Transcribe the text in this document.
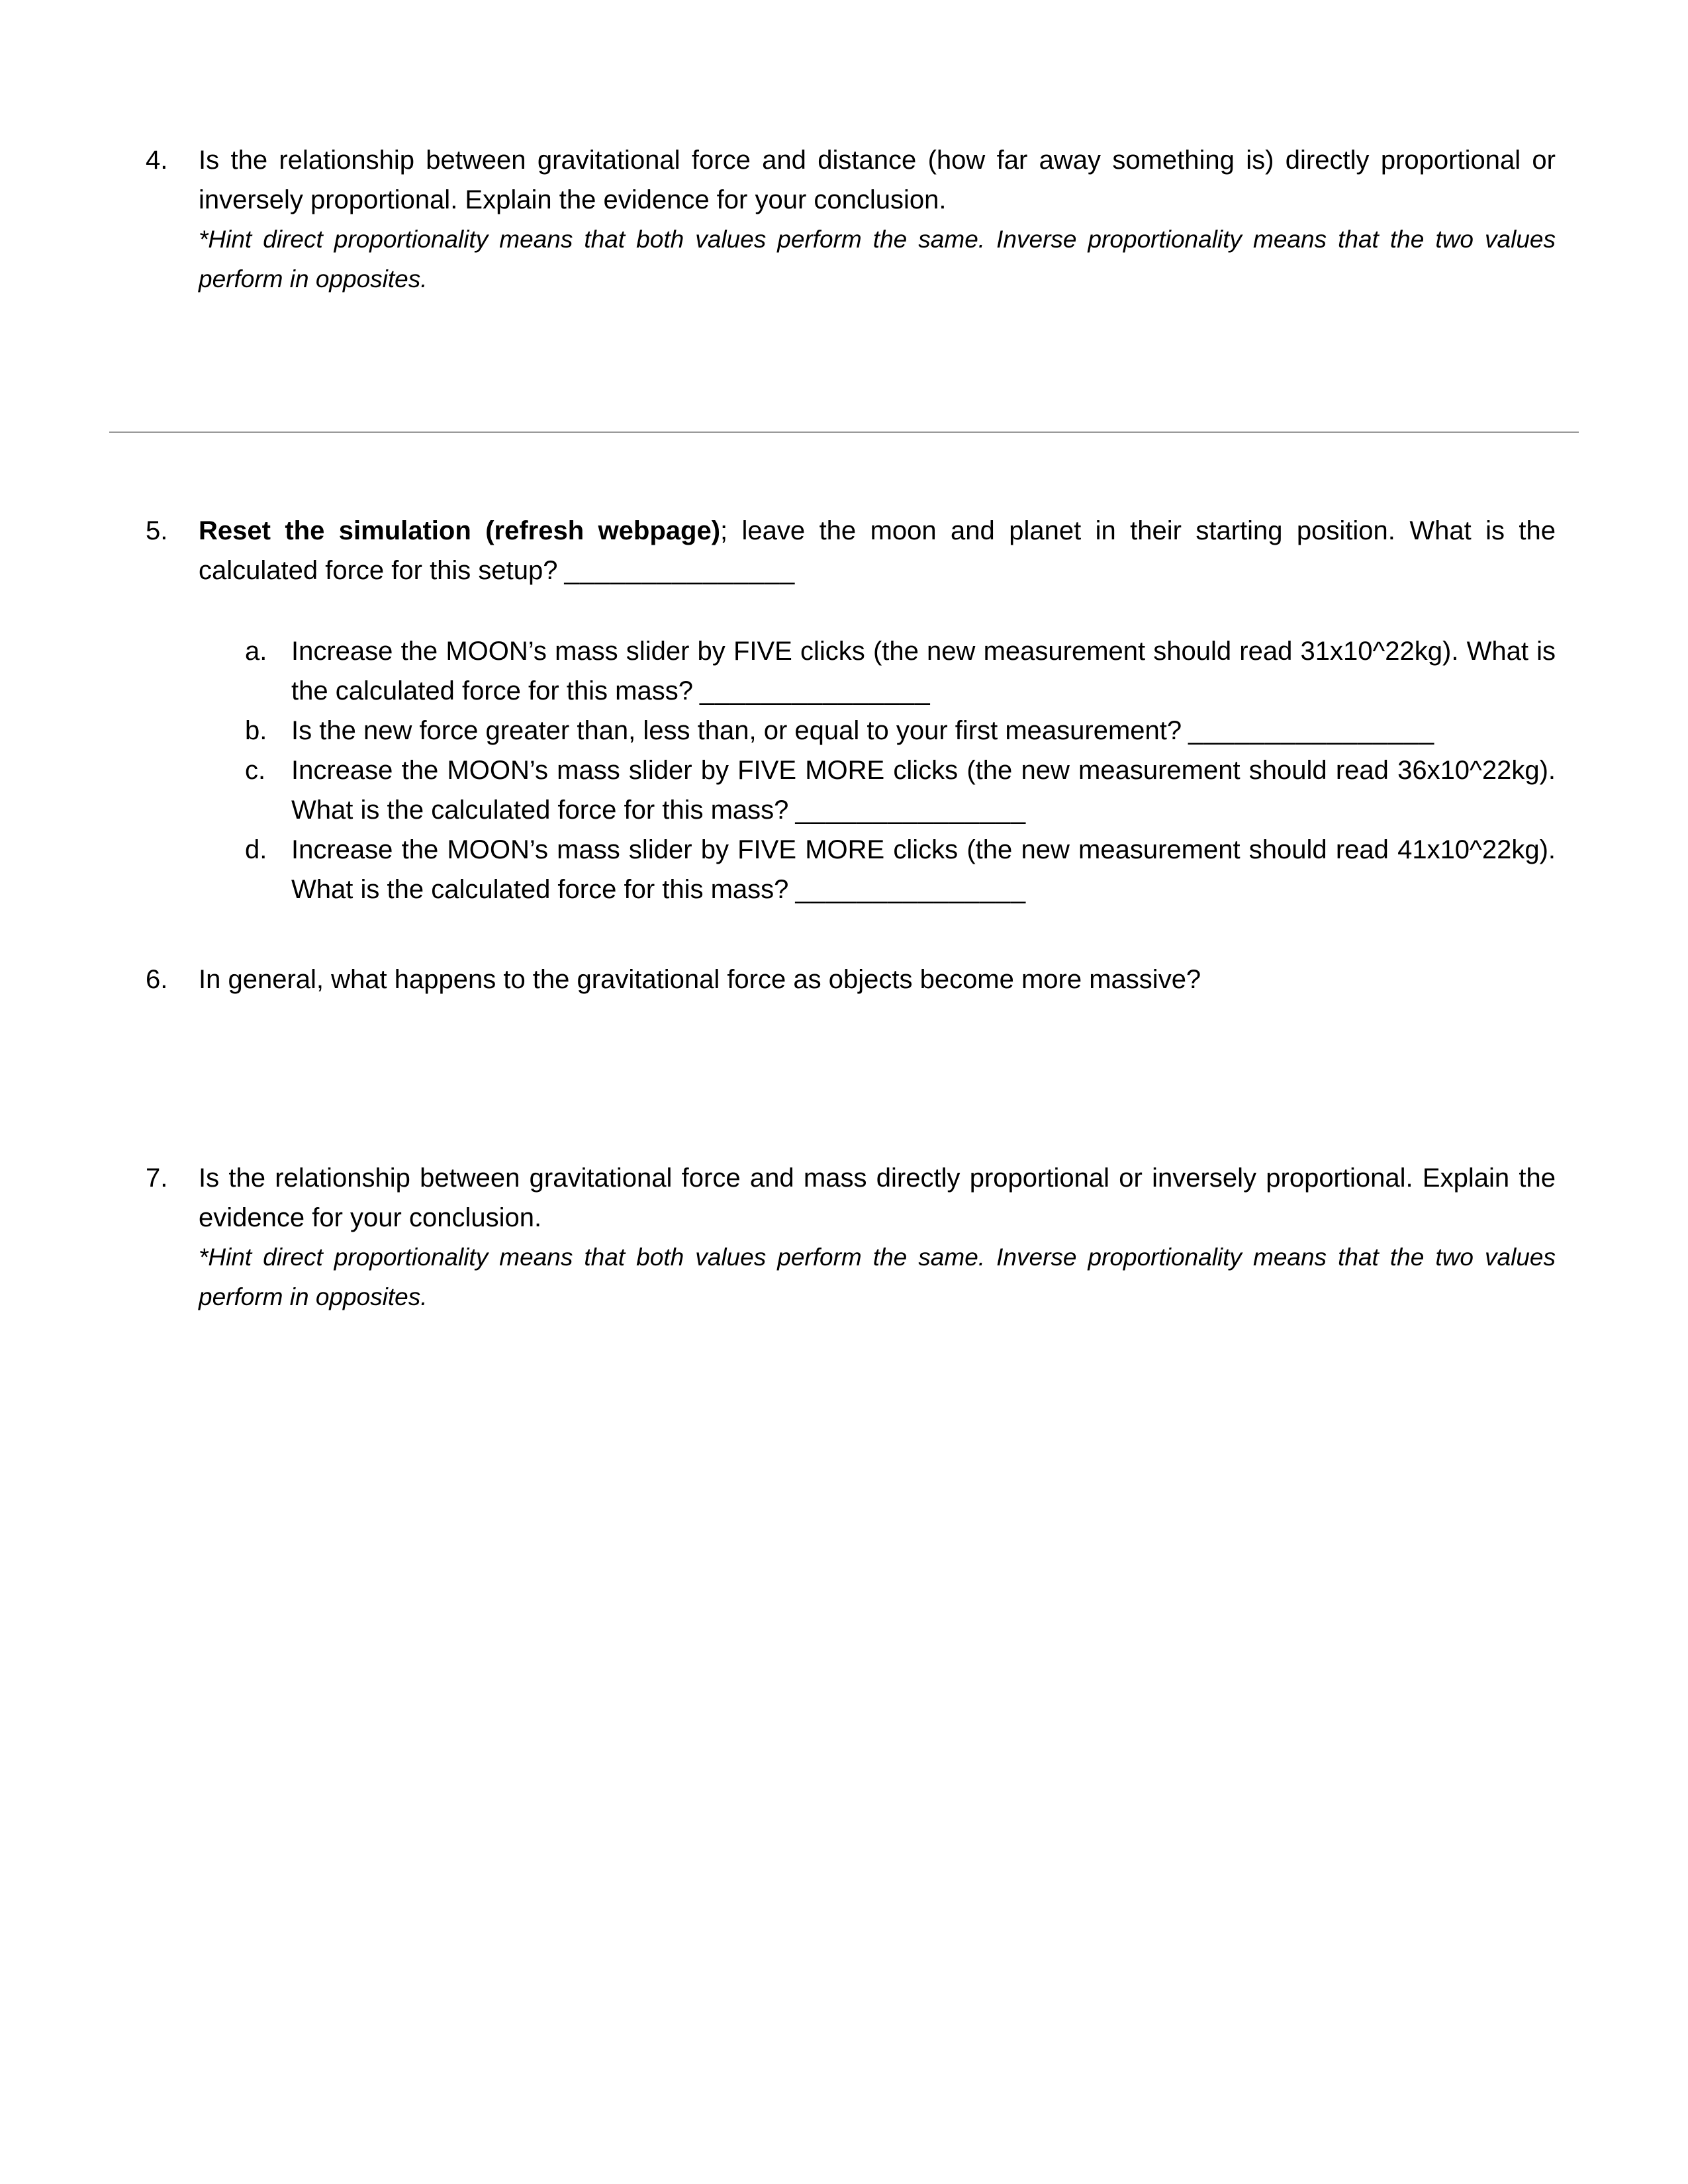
4.	Is the relationship between gravitational force and distance (how far away something is) directly proportional or inversely proportional. Explain the evidence for your conclusion.

*Hint direct proportionality means that both values perform the same. Inverse proportionality means that the two values perform in opposites.

5.	Reset the simulation (refresh webpage); leave the moon and planet in their starting position. What is the calculated force for this setup? _______________

a. Increase the MOON’s mass slider by FIVE clicks (the new measurement should read 31x10^22kg). What is the calculated force for this mass? _______________

b. Is the new force greater than, less than, or equal to your first measurement? ________________

c. Increase the MOON’s mass slider by FIVE MORE clicks (the new measurement should read 36x10^22kg). What is the calculated force for this mass? _______________

d. Increase the MOON’s mass slider by FIVE MORE clicks (the new measurement should read 41x10^22kg). What is the calculated force for this mass? _______________

6.	In general, what happens to the gravitational force as objects become more massive?

7.	Is the relationship between gravitational force and mass directly proportional or inversely proportional. Explain the evidence for your conclusion.

*Hint direct proportionality means that both values perform the same. Inverse proportionality means that the two values perform in opposites.
